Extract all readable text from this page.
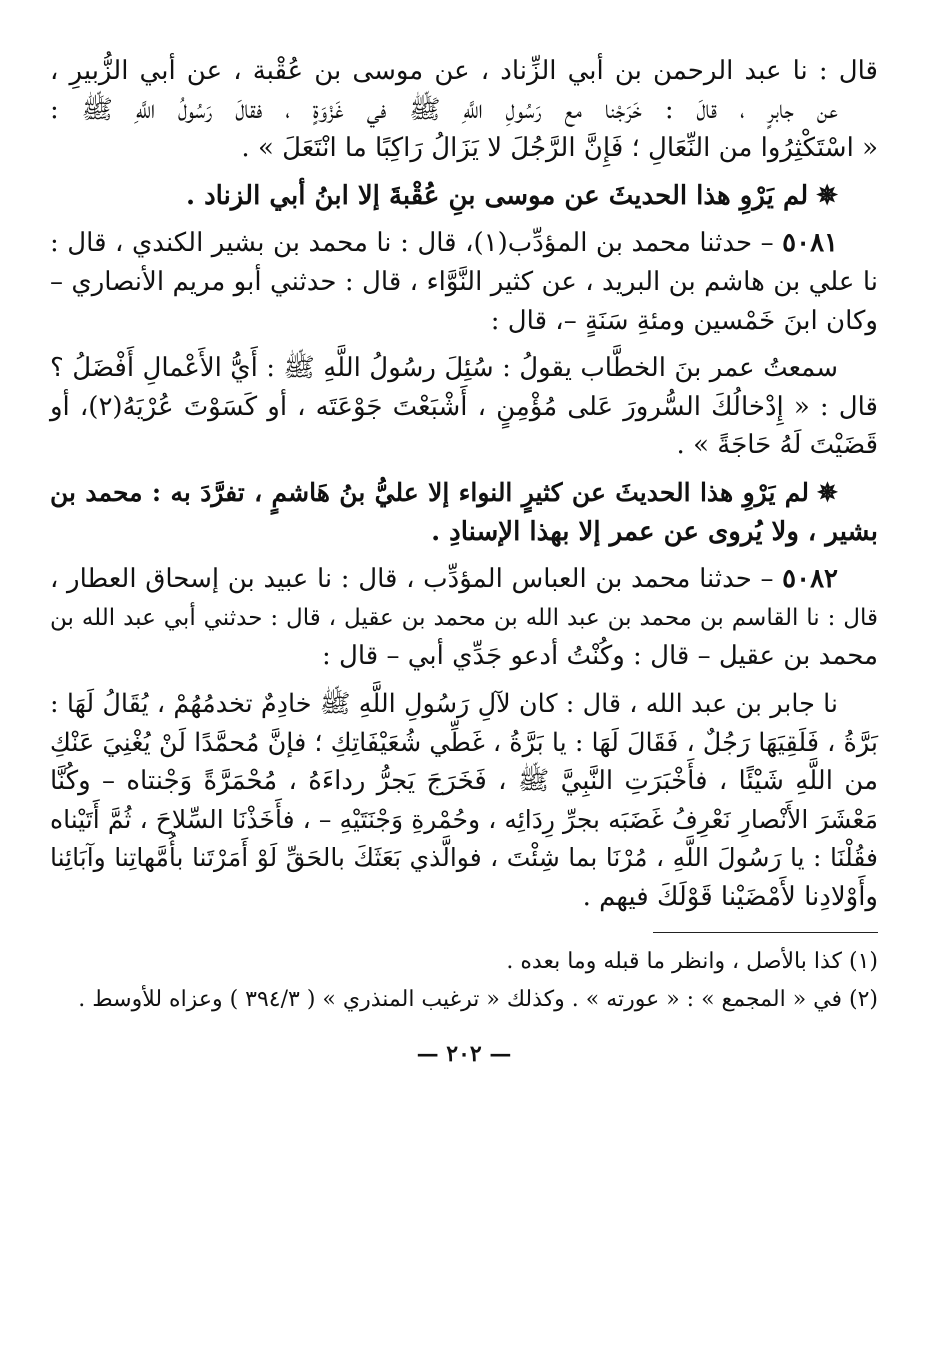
قال : نا عبد الرحمن بن أبي الزِّناد ، عن موسى بن عُقْبة ، عن أبي الزُّبيرِ ،
عن جابرٍ ، قالَ : خَرَجْنا مع رَسُولِ اللَّهِ ﷺ في غَزْوَةٍ ، فقالَ رَسُولُ اللَّهِ ﷺ :
« اسْتَكْثِرُوا من النِّعَالِ ؛ فَإِنَّ الرَّجُلَ لا يَزَالُ رَاكِبًا ما انْتَعَلَ » .
✵لم يَرْوِ هذا الحديثَ عن موسى بنِ عُقْبةَ إلا ابنُ أبي الزناد .
٥٠٨١ – حدثنا محمد بن المؤدِّب(١)، قال : نا محمد بن بشير الكندي ، قال :
نا علي بن هاشم بن البريد ، عن كثير النَّوَّاء ، قال : حدثني أبو مريم الأنصاري –
وكان ابنَ خَمْسين ومئةِ سَنَةٍ –، قال :
سمعتُ عمر بنَ الخطَّاب يقولُ : سُئِلَ رسُولُ اللَّهِ ﷺ : أَيُّ الأَعْمالِ أَفْضَلُ ؟
قال : « إِدْخالُكَ السُّرورَ عَلى مُؤْمِنٍ ، أَشْبَعْتَ جَوْعَتَه ، أو كَسَوْتَ عُرْيَهُ(٢)، أو
قَضَيْتَ لَهُ حَاجَةً » .
✵لم يَرْوِ هذا الحديثَ عن كثيرٍ النواء إلا عليُّ بنُ هَاشمٍ ، تفرَّدَ به : محمد بن
بشير ، ولا يُروى عن عمر إلا بهذا الإسنادِ .
٥٠٨٢ – حدثنا محمد بن العباس المؤدِّب ، قال : نا عبيد بن إسحاق العطار ،
قال : نا القاسم بن محمد بن عبد الله بن محمد بن عقيل ، قال : حدثني أبي عبد الله بن
محمد بن عقيل – قال : وكُنْتُ أدعو جَدِّي أبي – قال :
نا جابر بن عبد الله ، قال : كان لآلِ رَسُولِ اللَّهِ ﷺ خادِمٌ تخدمُهُمْ ، يُقَالُ لَهَا :
بَرَّةُ ، فَلَقِيَهَا رَجُلٌ ، فَقَالَ لَهَا : يا بَرَّةُ ، غَطِّي شُعَيْفَاتِكِ ؛ فإنَّ مُحمَّدًا لَنْ يُغْنِيَ عَنْكِ
من اللَّهِ شَيْئًا ، فأَخْبَرَتِ النَّبِيَّ ﷺ ، فَخَرَجَ يَجرُّ رداءَهُ ، مُحْمَرَّةً وَجْنتاه – وكُنَّا
مَعْشَرَ الأَنْصارِ نَعْرِفُ غَضَبَه بجرِّ رِدَائِه ، وحُمْرةِ وَجْنَتَيْهِ – ، فأَخَذْنَا السِّلاحَ ، ثُمَّ أَتَيْناه
فقُلْنَا : يا رَسُولَ اللَّهِ ، مُرْنَا بما شِئْتَ ، فوالَّذي بَعَثَكَ بالحَقِّ لَوْ أَمَرْتَنا بأُمَّهاتِنا وآبَائِنا
وأَوْلادِنا لأَمْضَيْنا قَوْلَكَ فيهم .
(١) كذا بالأصل ، وانظر ما قبله وما بعده .
(٢) في « المجمع » : « عورته » . وكذلك « ترغيب المنذري » ( ٣٩٤/٣ ) وعزاه للأوسط .
— ٢٠٢ —
